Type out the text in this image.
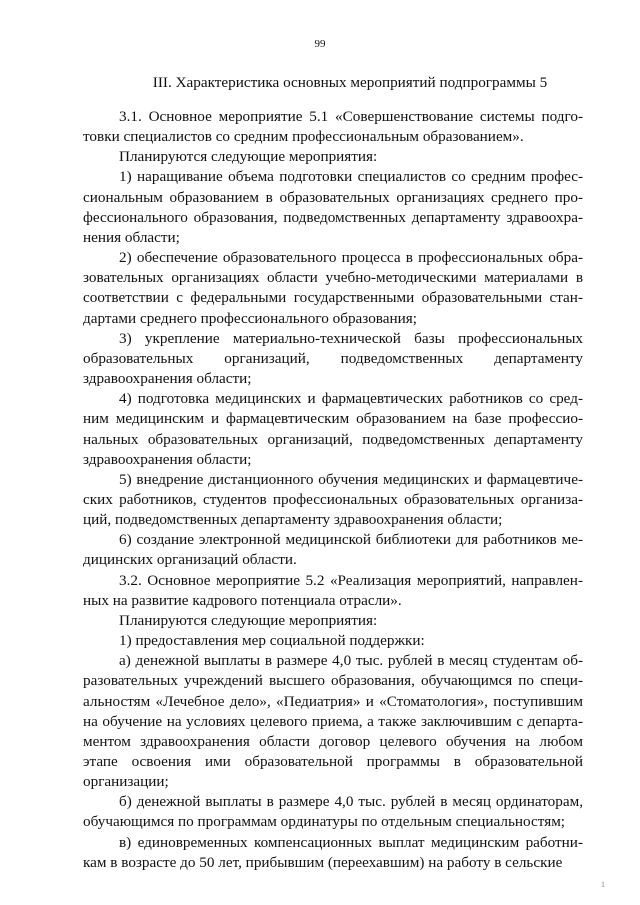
99
III. Характеристика основных мероприятий подпрограммы 5

3.1. Основное мероприятие 5.1 «Совершенствование системы подготовки специалистов со средним профессиональным образованием».

Планируются следующие мероприятия:

1) наращивание объема подготовки специалистов со средним профессиональным образованием в образовательных организациях среднего профессионального образования, подведомственных департаменту здравоохранения области;

2) обеспечение образовательного процесса в профессиональных образовательных организациях области учебно-методическими материалами в соответствии с федеральными государственными образовательными стандартами среднего профессионального образования;

3) укрепление материально-технической базы профессиональных образовательных организаций, подведомственных департаменту здравоохранения области;

4) подготовка медицинских и фармацевтических работников со средним медицинским и фармацевтическим образованием на базе профессиональных образовательных организаций, подведомственных департаменту здравоохранения области;

5) внедрение дистанционного обучения медицинских и фармацевтических работников, студентов профессиональных образовательных организаций, подведомственных департаменту здравоохранения области;

6) создание электронной медицинской библиотеки для работников медицинских организаций области.

3.2. Основное мероприятие 5.2 «Реализация мероприятий, направленных на развитие кадрового потенциала отрасли».

Планируются следующие мероприятия:

1) предоставления мер социальной поддержки:

а) денежной выплаты в размере 4,0 тыс. рублей в месяц студентам образовательных учреждений высшего образования, обучающимся по специальностям «Лечебное дело», «Педиатрия» и «Стоматология», поступившим на обучение на условиях целевого приема, а также заключившим с департаментом здравоохранения области договор целевого обучения на любом этапе освоения ими образовательной программы в образовательной организации;

б) денежной выплаты в размере 4,0 тыс. рублей в месяц ординаторам, обучающимся по программам ординатуры по отдельным специальностям;

в) единовременных компенсационных выплат медицинским работникам в возрасте до 50 лет, прибывшим (переехавшим) на работу в сельские

1
